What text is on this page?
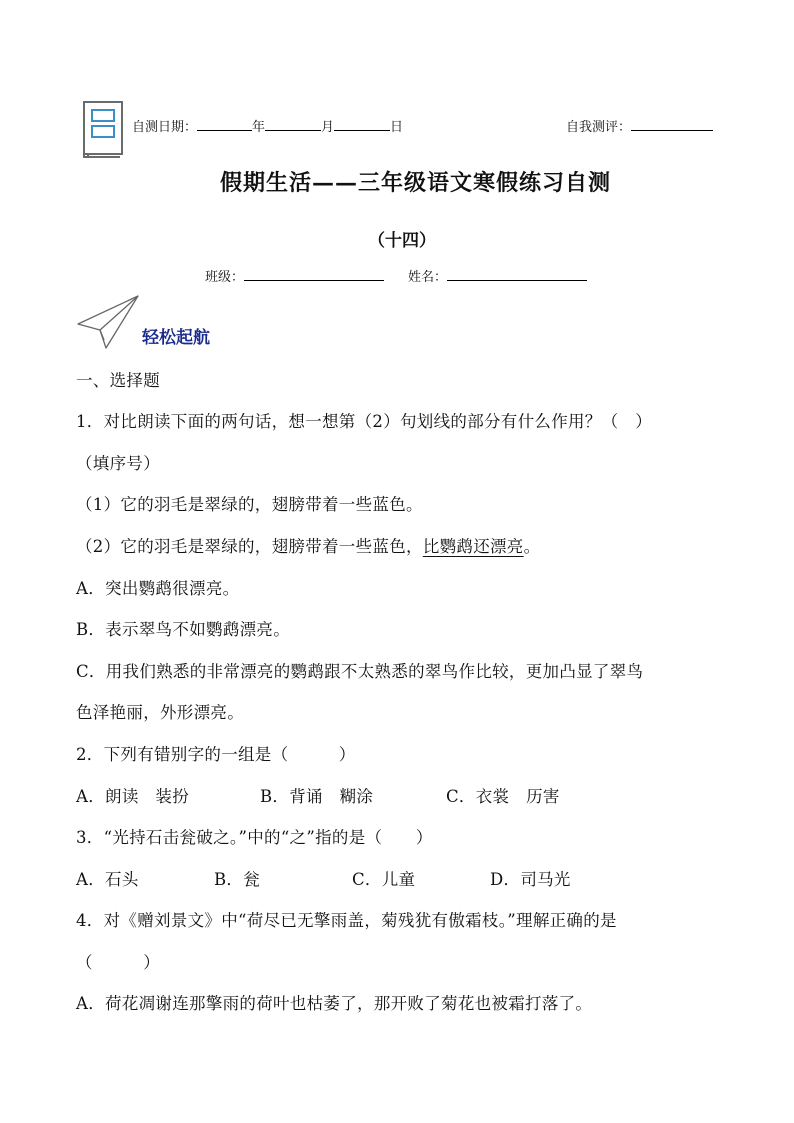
自测日期：	年	月	日	自我测评：
假期生活——三年级语文寒假练习自测
（十四）
班级：	姓名：
轻松起航
一、选择题
1．对比朗读下面的两句话，想一想第（2）句划线的部分有什么作用？（　）
（填序号）
（1）它的羽毛是翠绿的，翅膀带着一些蓝色。
（2）它的羽毛是翠绿的，翅膀带着一些蓝色，比鹦鹉还漂亮。
A．突出鹦鹉很漂亮。
B．表示翠鸟不如鹦鹉漂亮。
C．用我们熟悉的非常漂亮的鹦鹉跟不太熟悉的翠鸟作比较，更加凸显了翠鸟
色泽艳丽，外形漂亮。
2．下列有错别字的一组是（　　　）
A．朗读　装扮	B．背诵　糊涂	C．衣裳　历害
3．“光持石击瓮破之。”中的“之”指的是（　　）
A．石头	B．瓮	C．儿童	D．司马光
4．对《赠刘景文》中“荷尽已无擎雨盖，菊残犹有傲霜枝。”理解正确的是
（　　　）
A．荷花凋谢连那擎雨的荷叶也枯萎了，那开败了菊花也被霜打落了。
